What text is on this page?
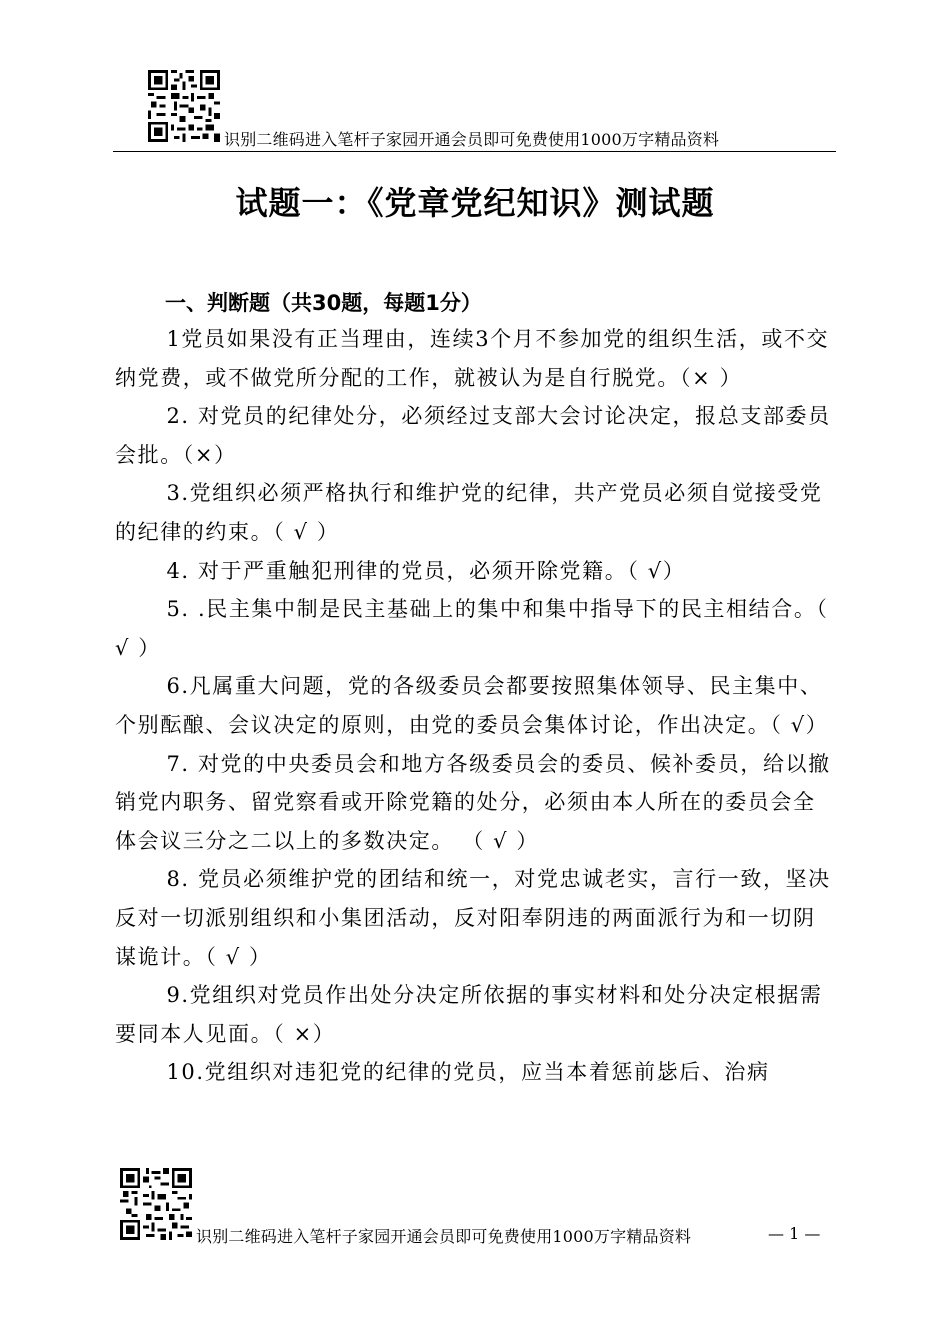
识别二维码进入笔杆子家园开通会员即可免费使用1000万字精品资料
试题一：《党章党纪知识》测试题
一、判断题（共30题，每题1分）

1党员如果没有正当理由，连续3个月不参加党的组织生活，或不交纳党费，或不做党所分配的工作，就被认为是自行脱党。（× ）

2. 对党员的纪律处分，必须经过支部大会讨论决定，报总支部委员会批。（×）

3.党组织必须严格执行和维护党的纪律，共产党员必须自觉接受党的纪律的约束。（ √ ）

4. 对于严重触犯刑律的党员，必须开除党籍。（ √）

5. .民主集中制是民主基础上的集中和集中指导下的民主相结合。（ √ ）

6.凡属重大问题，党的各级委员会都要按照集体领导、民主集中、个别酝酿、会议决定的原则，由党的委员会集体讨论，作出决定。（ √）

7. 对党的中央委员会和地方各级委员会的委员、候补委员，给以撤销党内职务、留党察看或开除党籍的处分，必须由本人所在的委员会全体会议三分之二以上的多数决定。 （ √ ）

8. 党员必须维护党的团结和统一，对党忠诚老实，言行一致，坚决反对一切派别组织和小集团活动，反对阳奉阴违的两面派行为和一切阴谋诡计。（ √ ）

9.党组织对党员作出处分决定所依据的事实材料和处分决定根据需要同本人见面。（ ×）

10.党组织对违犯党的纪律的党员，应当本着惩前毖后、治病

识别二维码进入笔杆子家园开通会员即可免费使用1000万字精品资料	— 1 —
